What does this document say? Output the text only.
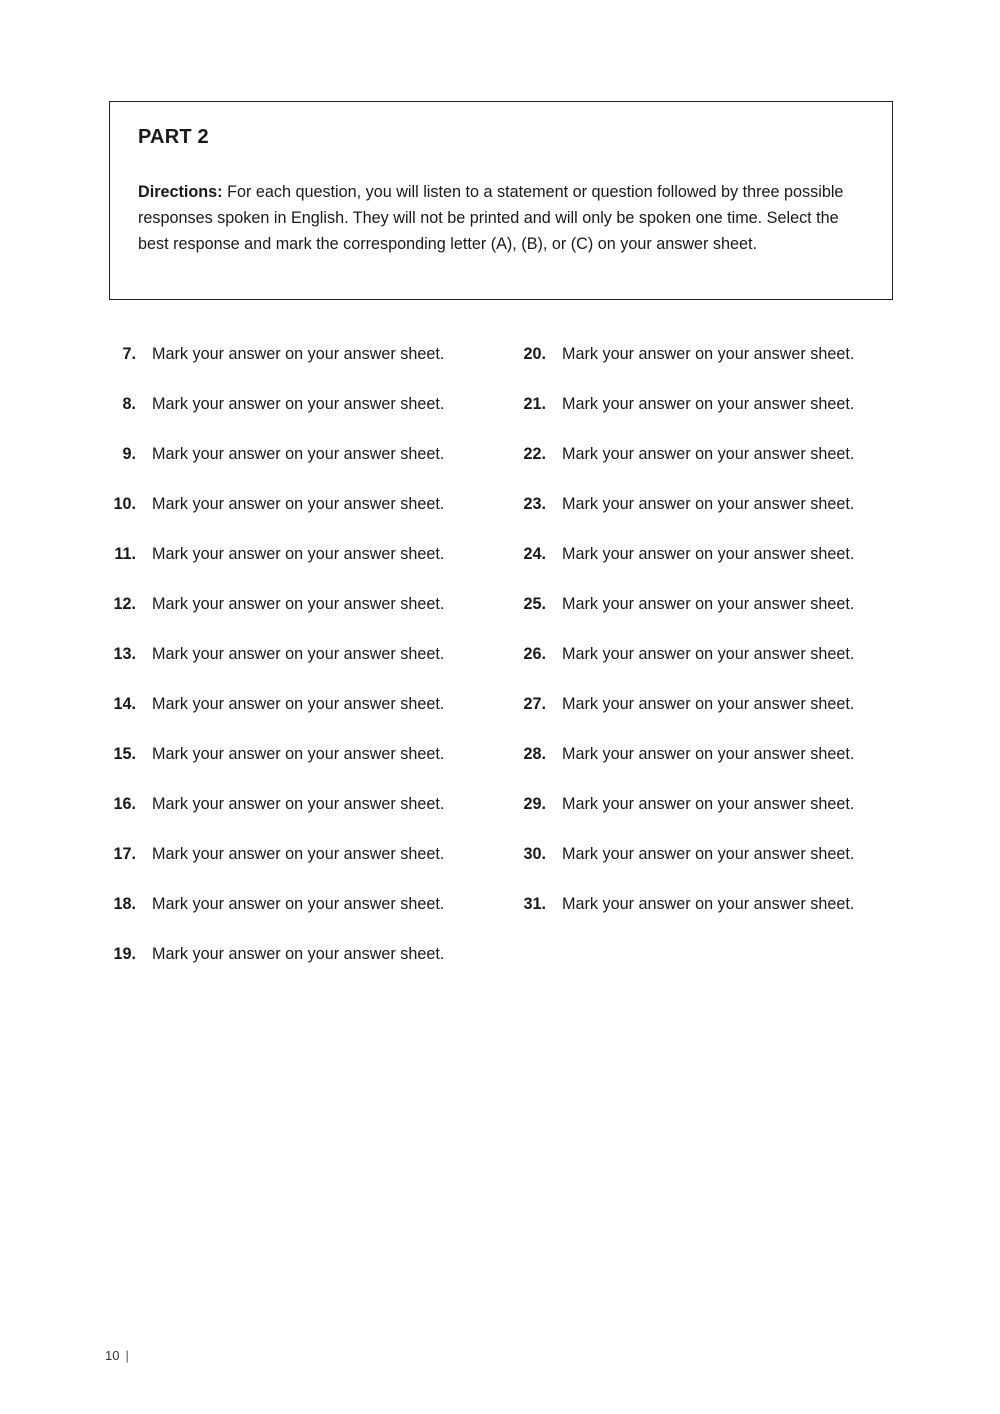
PART 2

Directions: For each question, you will listen to a statement or question followed by three possible responses spoken in English. They will not be printed and will only be spoken one time. Select the best response and mark the corresponding letter (A), (B), or (C) on your answer sheet.

7. Mark your answer on your answer sheet.
8. Mark your answer on your answer sheet.
9. Mark your answer on your answer sheet.
10. Mark your answer on your answer sheet.
11. Mark your answer on your answer sheet.
12. Mark your answer on your answer sheet.
13. Mark your answer on your answer sheet.
14. Mark your answer on your answer sheet.
15. Mark your answer on your answer sheet.
16. Mark your answer on your answer sheet.
17. Mark your answer on your answer sheet.
18. Mark your answer on your answer sheet.
19. Mark your answer on your answer sheet.
20. Mark your answer on your answer sheet.
21. Mark your answer on your answer sheet.
22. Mark your answer on your answer sheet.
23. Mark your answer on your answer sheet.
24. Mark your answer on your answer sheet.
25. Mark your answer on your answer sheet.
26. Mark your answer on your answer sheet.
27. Mark your answer on your answer sheet.
28. Mark your answer on your answer sheet.
29. Mark your answer on your answer sheet.
30. Mark your answer on your answer sheet.
31. Mark your answer on your answer sheet.
10 |
